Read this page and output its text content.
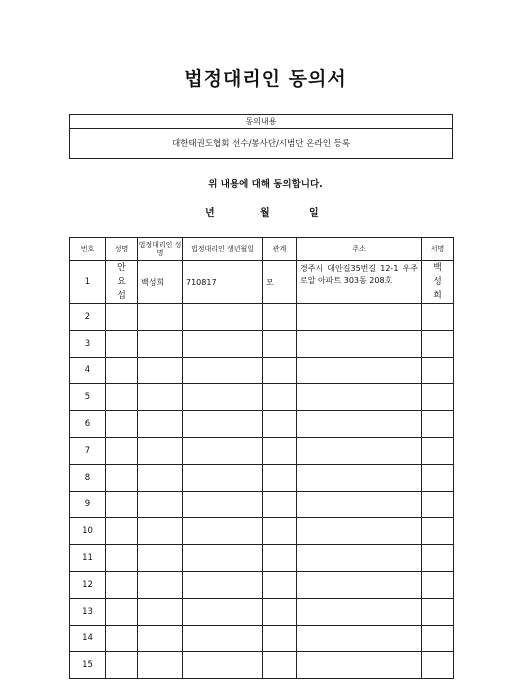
법정대리인 동의서
동의내용
대한태권도협회 선수/봉사단/시범단 온라인 등록
위 내용에 대해 동의합니다.
년	월	일
번호	성명	법정대리인 성명	법정대리인 생년월일	관계	주소	서명
1	안 요 섭	백성희	710817	모	경주시 대안길35번길 12-1 우주로알 아파트 303동 208호	백 성 희
2						
3						
4						
5						
6						
7						
8						
9						
10						
11						
12						
13						
14						
15						
